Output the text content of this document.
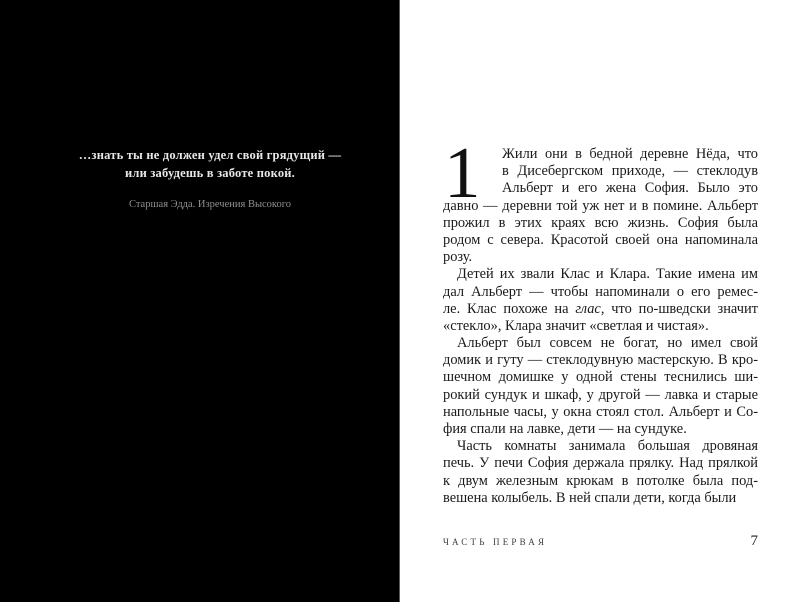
…знать ты не должен удел свой грядущий —
или забудешь в заботе покой.
Старшая Эдда. Изречения Высокого	1	Жили они в бедной деревне Нёда, что
в Дисебергском приходе, — стеклодув
Альберт и его жена София. Было это
давно — деревни той уж нет и в помине. Альберт
прожил в этих краях всю жизнь. София была
родом с севера. Красотой своей она напоминала
розу.
Детей их звали Клас и Клара. Такие имена им
дал Альберт — чтобы напоминали о его ремес-
ле. Клас похоже на глас, что по-шведски значит
«стекло», Клара значит «светлая и чистая».
Альберт был совсем не богат, но имел свой
домик и гуту — стеклодувную мастерскую. В кро-
шечном домишке у одной стены теснились ши-
рокий сундук и шкаф, у другой — лавка и старые
напольные часы, у окна стоял стол. Альберт и Со-
фия спали на лавке, дети — на сундуке.
Часть комнаты занимала большая дровяная
печь. У печи София держала прялку. Над прялкой
к двум железным крюкам в потолке была под-
вешена колыбель. В ней спали дети, когда были
ЧАСТЬ ПЕРВАЯ	7
